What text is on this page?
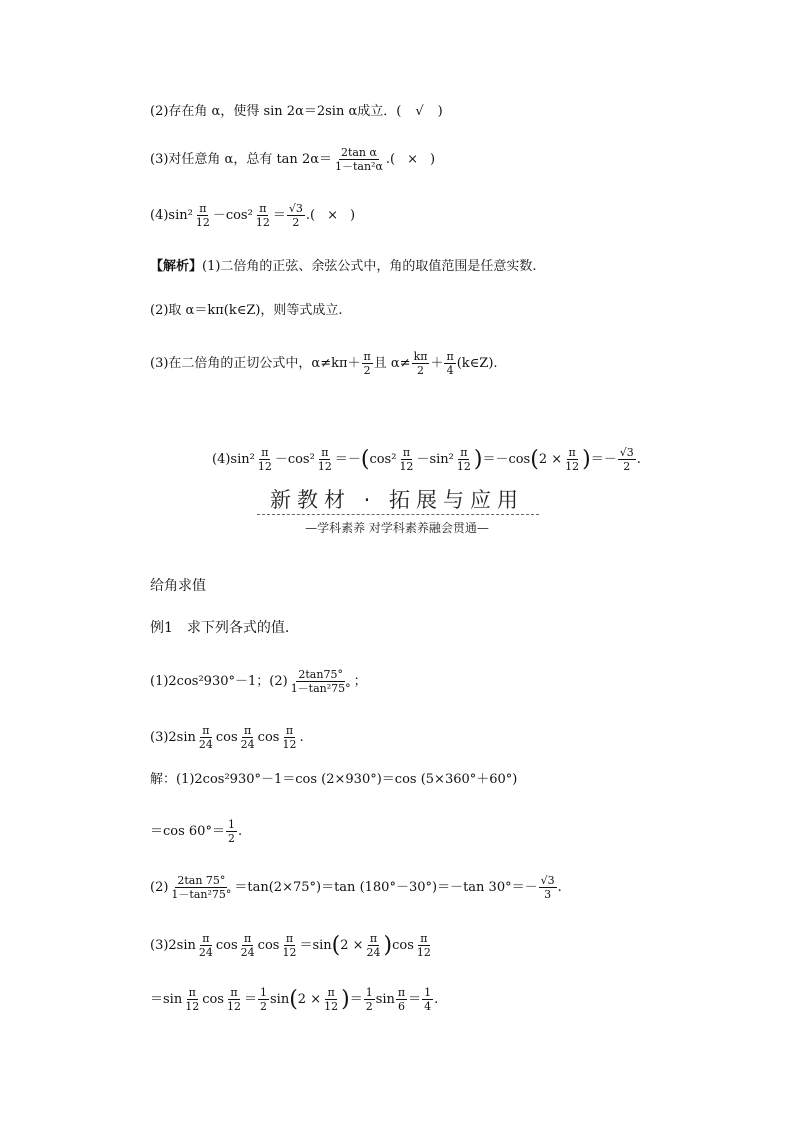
(2)存在角 α，使得 sin 2α＝2sin α成立．( √ )
(3)对任意角 α，总有 $\tan 2\alpha= \frac{\text{2tan α}}{\text{1－tan²α}}$ .( × )
$(4)\sin^2 \frac{\pi}{12} -\cos^2 \frac{\pi}{12} = \frac{√3}{2}$ .( × )
【解析】 (1)二倍角的正弦、余弦公式中，角的取值范围是任意实数.
(2)取 α＝kπ(k∈Z)，则等式成立.
(3)在二倍角的正切公式中，$\alpha\ne k\pi+ \frac{\pi}{2}$ 且 $\alpha\ne \frac{k\pi}{2} + \frac{\pi}{4}$ (k∈Z).
$(4)\sin^2 \frac{\pi}{12} -\cos^2 \frac{\pi}{12}$ ＝－ ( $\cos^2 \frac{\pi}{12} -\sin^2 \frac{\pi}{12}$ ) ＝－cos ( $2 \times \frac{\pi}{12}$ ) ＝－ $\frac{√3}{2}$ .
新教材 · 拓展与应用
—学科素养 对学科素养融会贯通—
给角求值
例1 求下列各式的值.
(1)2cos²930°－1；$(2) \frac{2\tan 75^\circ}{\text{1－tan²75°}}$ ；
$(3)2\sin \frac{\pi}{24}$ $\cos \frac{\pi}{24}$ $\cos \frac{\pi}{12}$ .
解：(1)2cos²930°－1＝cos (2×930°)＝cos (5×360°＋60°)
＝cos $60^\circ= \frac{1}{2}$ .
$(2) \frac{2\tan 75^\circ}{\text{1－tan²75°}} =\tan(2\times 75^\circ)=\tan$ (180°－30°)＝－tan $30^\circ=- \frac{√3}{3}$ .
$(3)2\sin \frac{\pi}{24}$ $\cos \frac{\pi}{24}$ $\cos \frac{\pi}{12} =\sin$ ( $2 \times \frac{\pi}{24}$ ) $\cos \frac{\pi}{12}$
$=\sin \frac{\pi}{12}$ $\cos \frac{\pi}{12} = \frac{1}{2}$ sin ( $2 \times \frac{\pi}{12}$ ) ＝ $\frac{1}{2}$ $\sin \frac{\pi}{6} = \frac{1}{4}$ .
